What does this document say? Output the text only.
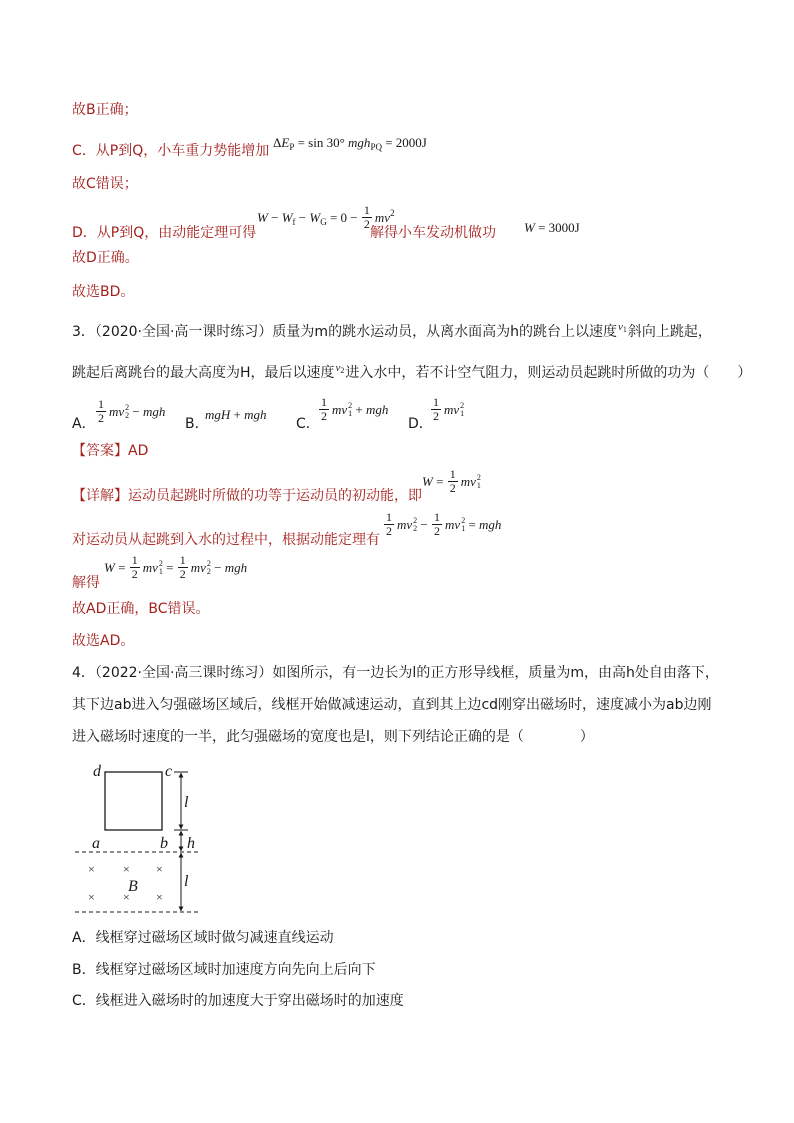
故B正确；
C．从P到Q，小车重力势能增加
Δ E P = sin 30° mgh PQ = 2000J
故C错误；
W − W f − W $G = 0 - \frac{1}{2}$ mv 2
D．从P到Q，由动能定理可得	解得小车发动机做功 W = 3000J
故D正确。
故选BD。
3．（2020·全国·高一课时练习）质量为m的跳水运动员，从离水面高为h的跳台上以速度 v 1 斜向上跳起，
跳起后离跳台的最大高度为H，最后以速度 v 2 进入水中，若不计空气阻力，则运动员起跳时所做的功为（　　）
A． $\frac{1}{2}$ mv 2
2 − mgh
B．
mgH + mgh
C．
$\frac{1}{2}$ mv 2
1 + mgh
D．
$\frac{1}{2}$ mv 2
1
【答案】AD
$W = \frac{1}{2}$ mv 2
1
【详解】运动员起跳时所做的功等于运动员的初动能，即
$\frac{1}{2}$ mv 2
$2 - \frac{1}{2}$ mv 2
1 = mgh
对运动员从起跳到入水的过程中，根据动能定理有
$W = \frac{1}{2}$ mv 2
$1 = \frac{1}{2}$ mv 2
2 − mgh
解得
故AD正确，BC错误。
故选AD。
4．（2022·全国·高三课时练习）如图所示，有一边长为l的正方形导线框，质量为m，由高h处自由落下，
其下边ab进入匀强磁场区域后，线框开始做减速运动，直到其上边cd刚穿出磁场时，速度减小为ab边刚
进入磁场时速度的一半，此匀强磁场的宽度也是l，则下列结论正确的是（　　　　）
d	c
a	b
l
h
l
× × ×
× × ×
B
A．线框穿过磁场区域时做匀减速直线运动
B．线框穿过磁场区域时加速度方向先向上后向下
C．线框进入磁场时的加速度大于穿出磁场时的加速度
